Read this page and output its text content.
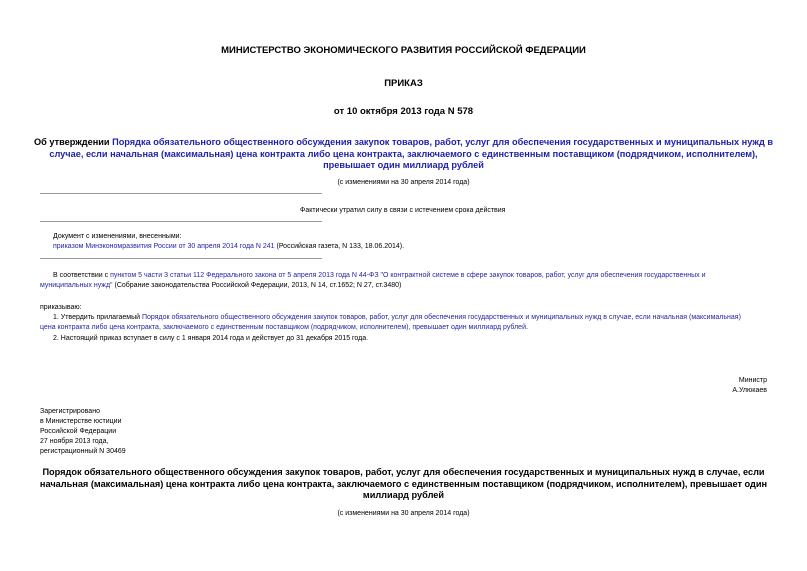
МИНИСТЕРСТВО ЭКОНОМИЧЕСКОГО РАЗВИТИЯ РОССИЙСКОЙ ФЕДЕРАЦИИ
ПРИКАЗ
от 10 октября 2013 года N 578
Об утверждении Порядка обязательного общественного обсуждения закупок товаров, работ, услуг для обеспечения государственных и муниципальных нужд в
случае, если начальная (максимальная) цена контракта либо цена контракта, заключаемого с единственным поставщиком (подрядчиком, исполнителем),
превышает один миллиард рублей
(с изменениями на 30 апреля 2014 года)
Фактически утратил силу в связи с истечением срока действия
Документ с изменениями, внесенными:
приказом Минэкономразвития России от 30 апреля 2014 года N 241 (Российская газета, N 133, 18.06.2014).
В соответствии с пунктом 5 части 3 статьи 112 Федерального закона от 5 апреля 2013 года N 44-ФЗ "О контрактной системе в сфере закупок товаров, работ, услуг для обеспечения государственных и
муниципальных нужд" (Собрание законодательства Российской Федерации, 2013, N 14, ст.1652; N 27, ст.3480)
приказываю:
1. Утвердить прилагаемый Порядок обязательного общественного обсуждения закупок товаров, работ, услуг для обеспечения государственных и муниципальных нужд в случае, если начальная (максимальная)
цена контракта либо цена контракта, заключаемого с единственным поставщиком (подрядчиком, исполнителем), превышает один миллиард рублей.
2. Настоящий приказ вступает в силу с 1 января 2014 года и действует до 31 декабря 2015 года.
Министр
А.Улюкаев
Зарегистрировано
в Министерстве юстиции
Российской Федерации
27 ноября 2013 года,
регистрационный N 30469
Порядок обязательного общественного обсуждения закупок товаров, работ, услуг для обеспечения государственных и муниципальных нужд в случае, если
начальная (максимальная) цена контракта либо цена контракта, заключаемого с единственным поставщиком (подрядчиком, исполнителем), превышает один
миллиард рублей
(с изменениями на 30 апреля 2014 года)
